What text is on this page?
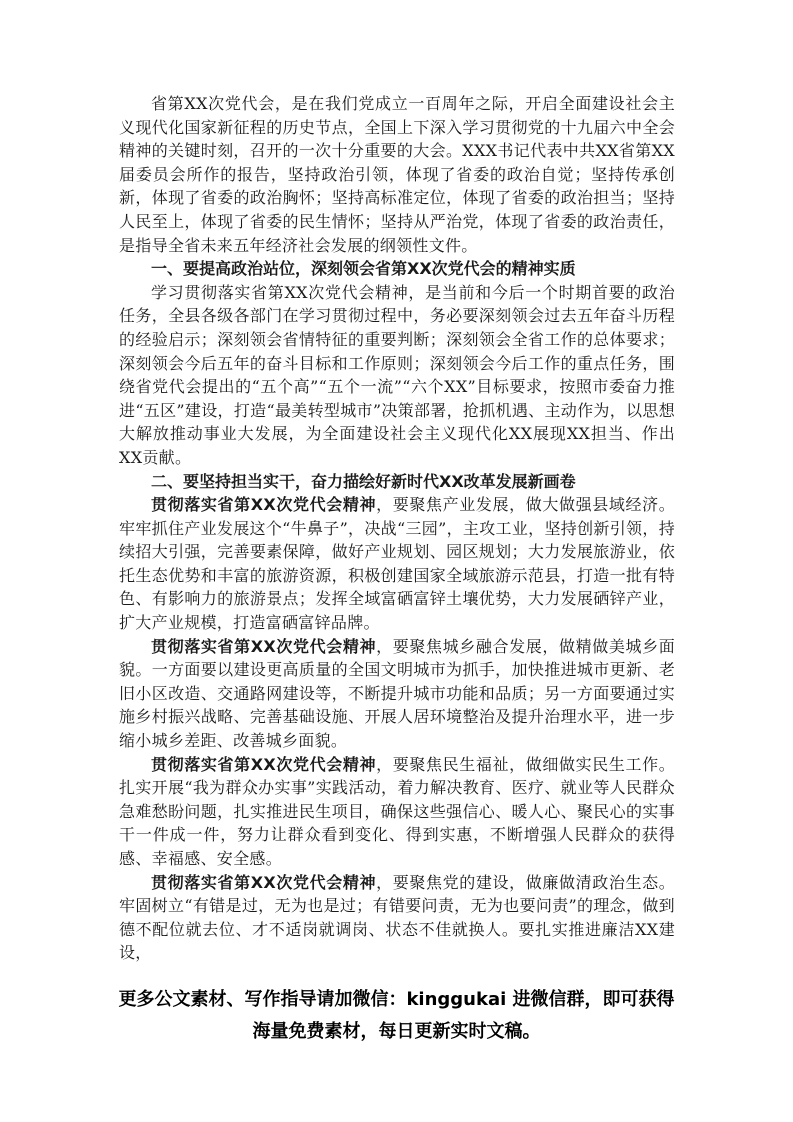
省第XX次党代会，是在我们党成立一百周年之际，开启全面建设社会主义现代化国家新征程的历史节点，全国上下深入学习贯彻党的十九届六中全会精神的关键时刻，召开的一次十分重要的大会。XXX书记代表中共XX省第XX届委员会所作的报告，坚持政治引领，体现了省委的政治自觉；坚持传承创新，体现了省委的政治胸怀；坚持高标准定位，体现了省委的政治担当；坚持人民至上，体现了省委的民生情怀；坚持从严治党，体现了省委的政治责任，是指导全省未来五年经济社会发展的纲领性文件。

一、要提高政治站位，深刻领会省第XX次党代会的精神实质

学习贯彻落实省第XX次党代会精神，是当前和今后一个时期首要的政治任务，全县各级各部门在学习贯彻过程中，务必要深刻领会过去五年奋斗历程的经验启示；深刻领会省情特征的重要判断；深刻领会全省工作的总体要求；深刻领会今后五年的奋斗目标和工作原则；深刻领会今后工作的重点任务，围绕省党代会提出的“五个高”“五个一流”“六个XX”目标要求，按照市委奋力推进“五区”建设，打造“最美转型城市”决策部署，抢抓机遇、主动作为，以思想大解放推动事业大发展，为全面建设社会主义现代化XX展现XX担当、作出XX贡献。

二、要坚持担当实干，奋力描绘好新时代XX改革发展新画卷

贯彻落实省第XX次党代会精神，要聚焦产业发展，做大做强县域经济。牢牢抓住产业发展这个“牛鼻子”，决战“三园”，主攻工业，坚持创新引领，持续招大引强，完善要素保障，做好产业规划、园区规划；大力发展旅游业，依托生态优势和丰富的旅游资源，积极创建国家全域旅游示范县，打造一批有特色、有影响力的旅游景点；发挥全域富硒富锌土壤优势，大力发展硒锌产业，扩大产业规模，打造富硒富锌品牌。

贯彻落实省第XX次党代会精神，要聚焦城乡融合发展，做精做美城乡面貌。一方面要以建设更高质量的全国文明城市为抓手，加快推进城市更新、老旧小区改造、交通路网建设等，不断提升城市功能和品质；另一方面要通过实施乡村振兴战略、完善基础设施、开展人居环境整治及提升治理水平，进一步缩小城乡差距、改善城乡面貌。

贯彻落实省第XX次党代会精神，要聚焦民生福祉，做细做实民生工作。扎实开展“我为群众办实事”实践活动，着力解决教育、医疗、就业等人民群众急难愁盼问题，扎实推进民生项目，确保这些强信心、暖人心、聚民心的实事干一件成一件，努力让群众看到变化、得到实惠，不断增强人民群众的获得感、幸福感、安全感。

贯彻落实省第XX次党代会精神，要聚焦党的建设，做廉做清政治生态。牢固树立“有错是过，无为也是过；有错要问责，无为也要问责”的理念，做到德不配位就去位、才不适岗就调岗、状态不佳就换人。要扎实推进廉洁XX建设，

更多公文素材、写作指导请加微信：kinggukai 进微信群，即可获得
海量免费素材，每日更新实时文稿。
